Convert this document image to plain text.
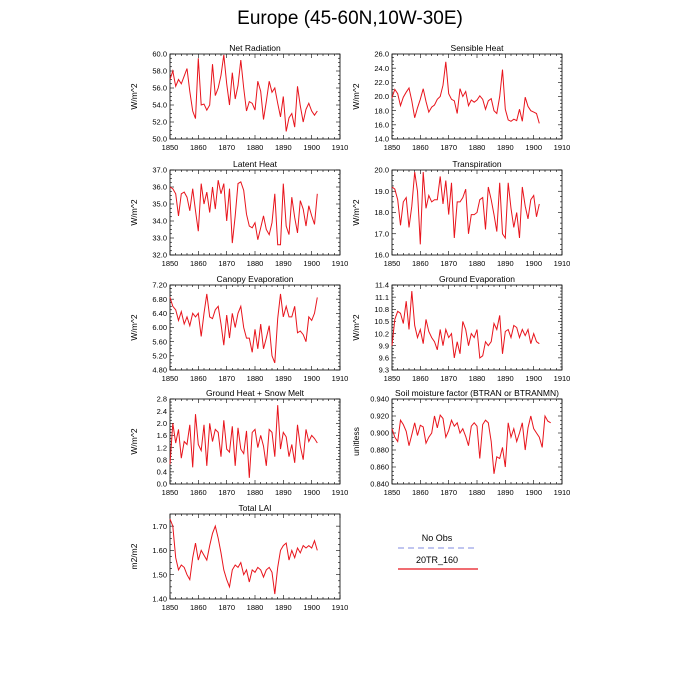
Europe (45-60N,10W-30E)
Net Radiation
W/m^2
1850 1860 1870 1880 1890 1900 1910
50.0
52.0
54.0
56.0
58.0
60.0
Sensible Heat
W/m^2
1850 1860 1870 1880 1890 1900 1910
14.0
16.0
18.0
20.0
22.0
24.0
26.0
Latent Heat
W/m^2
1850 1860 1870 1880 1890 1900 1910
32.0
33.0
34.0
35.0
36.0
37.0
Transpiration
W/m^2
1850 1860 1870 1880 1890 1900 1910
16.0
17.0
18.0
19.0
20.0
Canopy Evaporation
W/m^2
1850 1860 1870 1880 1890 1900 1910
4.80
5.20
5.60
6.00
6.40
6.80
7.20
Ground Evaporation
W/m^2
1850 1860 1870 1880 1890 1900 1910
9.3
9.6
9.9
10.2
10.5
10.8
11.1
11.4
Ground Heat + Snow Melt
W/m^2
1850 1860 1870 1880 1890 1900 1910
0.0
0.4
0.8
1.2
1.6
2.0
2.4
2.8
Soil moisture factor (BTRAN or BTRANMN)
unitless
1850 1860 1870 1880 1890 1900 1910
0.840
0.860
0.880
0.900
0.920
0.940
Total LAI
m2/m2
1850 1860 1870 1880 1890 1900 1910
1.40
1.50
1.60
1.70
No Obs
20TR_160
